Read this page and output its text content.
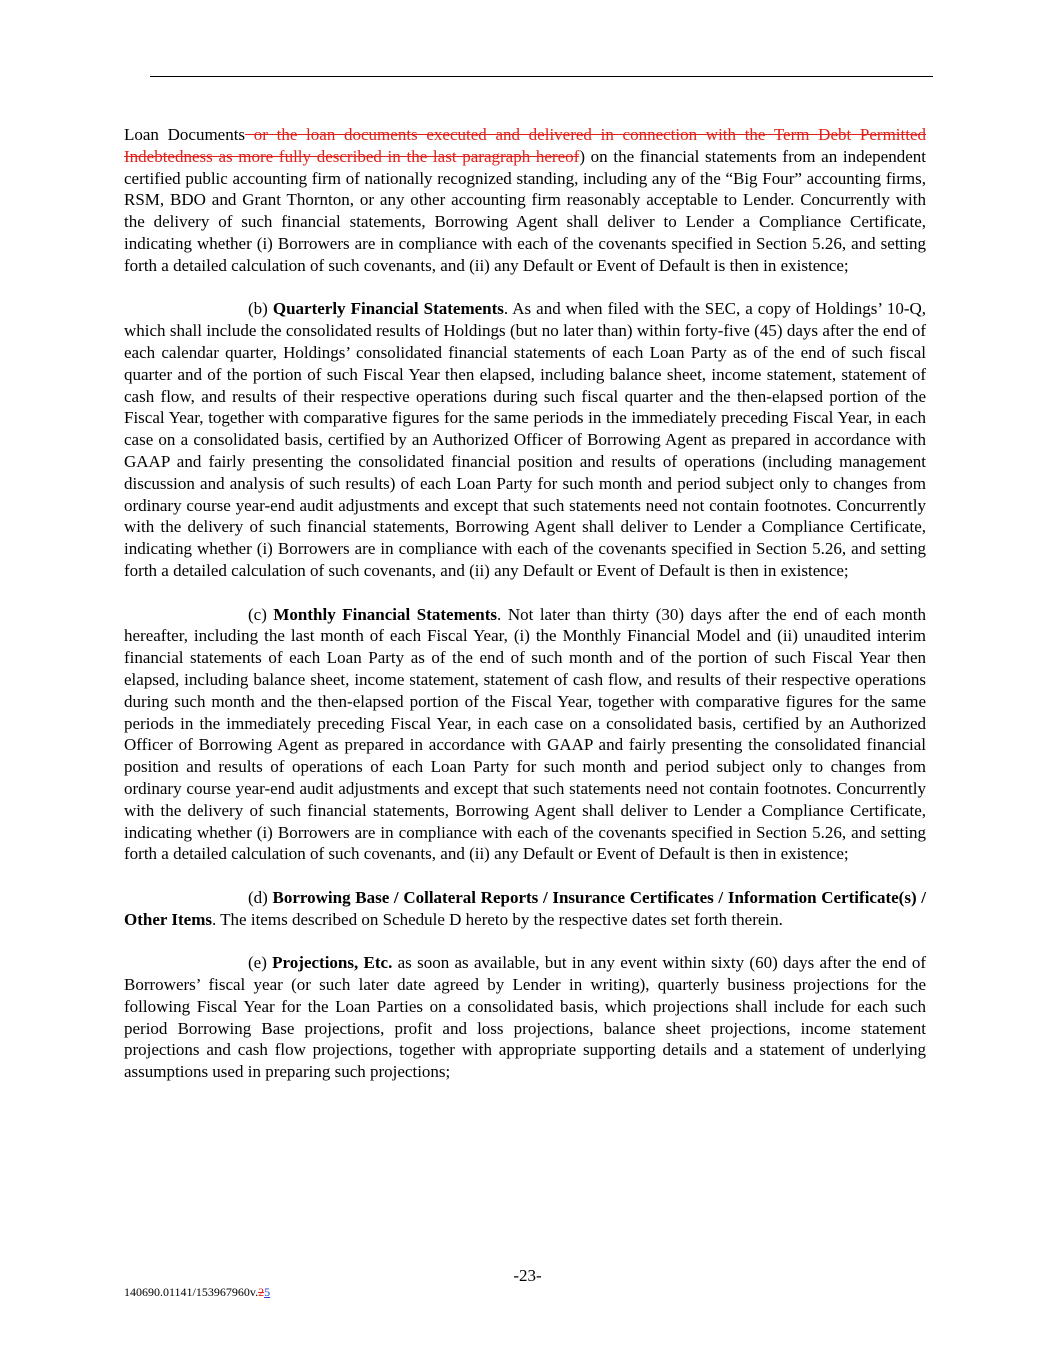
Loan Documents or the loan documents executed and delivered in connection with the Term Debt Permitted Indebtedness as more fully described in the last paragraph hereof) on the financial statements from an independent certified public accounting firm of nationally recognized standing, including any of the “Big Four” accounting firms, RSM, BDO and Grant Thornton, or any other accounting firm reasonably acceptable to Lender. Concurrently with the delivery of such financial statements, Borrowing Agent shall deliver to Lender a Compliance Certificate, indicating whether (i) Borrowers are in compliance with each of the covenants specified in Section 5.26, and setting forth a detailed calculation of such covenants, and (ii) any Default or Event of Default is then in existence;

(b) Quarterly Financial Statements. As and when filed with the SEC, a copy of Holdings’ 10-Q, which shall include the consolidated results of Holdings (but no later than) within forty-five (45) days after the end of each calendar quarter, Holdings’ consolidated financial statements of each Loan Party as of the end of such fiscal quarter and of the portion of such Fiscal Year then elapsed, including balance sheet, income statement, statement of cash flow, and results of their respective operations during such fiscal quarter and the then-elapsed portion of the Fiscal Year, together with comparative figures for the same periods in the immediately preceding Fiscal Year, in each case on a consolidated basis, certified by an Authorized Officer of Borrowing Agent as prepared in accordance with GAAP and fairly presenting the consolidated financial position and results of operations (including management discussion and analysis of such results) of each Loan Party for such month and period subject only to changes from ordinary course year-end audit adjustments and except that such statements need not contain footnotes. Concurrently with the delivery of such financial statements, Borrowing Agent shall deliver to Lender a Compliance Certificate, indicating whether (i) Borrowers are in compliance with each of the covenants specified in Section 5.26, and setting forth a detailed calculation of such covenants, and (ii) any Default or Event of Default is then in existence;

(c) Monthly Financial Statements. Not later than thirty (30) days after the end of each month hereafter, including the last month of each Fiscal Year, (i) the Monthly Financial Model and (ii) unaudited interim financial statements of each Loan Party as of the end of such month and of the portion of such Fiscal Year then elapsed, including balance sheet, income statement, statement of cash flow, and results of their respective operations during such month and the then-elapsed portion of the Fiscal Year, together with comparative figures for the same periods in the immediately preceding Fiscal Year, in each case on a consolidated basis, certified by an Authorized Officer of Borrowing Agent as prepared in accordance with GAAP and fairly presenting the consolidated financial position and results of operations of each Loan Party for such month and period subject only to changes from ordinary course year-end audit adjustments and except that such statements need not contain footnotes. Concurrently with the delivery of such financial statements, Borrowing Agent shall deliver to Lender a Compliance Certificate, indicating whether (i) Borrowers are in compliance with each of the covenants specified in Section 5.26, and setting forth a detailed calculation of such covenants, and (ii) any Default or Event of Default is then in existence;

(d) Borrowing Base / Collateral Reports / Insurance Certificates / Information Certificate(s) / Other Items. The items described on Schedule D hereto by the respective dates set forth therein.

(e) Projections, Etc. as soon as available, but in any event within sixty (60) days after the end of Borrowers’ fiscal year (or such later date agreed by Lender in writing), quarterly business projections for the following Fiscal Year for the Loan Parties on a consolidated basis, which projections shall include for each such period Borrowing Base projections, profit and loss projections, balance sheet projections, income statement projections and cash flow projections, together with appropriate supporting details and a statement of underlying assumptions used in preparing such projections;

-23-
140690.01141/153967960v.25
